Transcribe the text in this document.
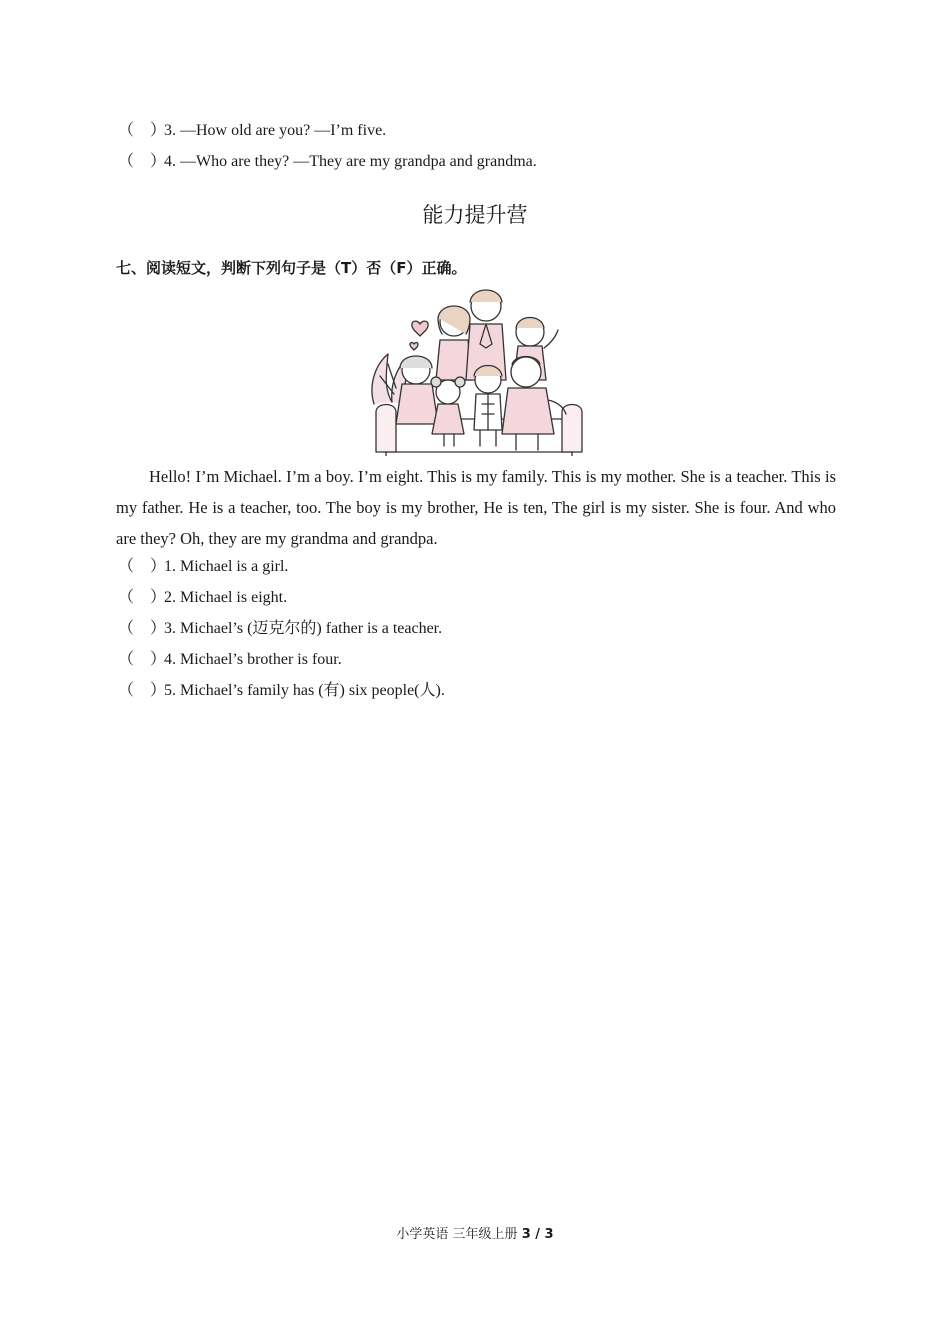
（　）3. —How old are you? —I’m five.
（　）4. —Who are they? —They are my grandpa and grandma.
能力提升营
七、阅读短文，判断下列句子是（T）否（F）正确。
Hello! I’m Michael. I’m a boy. I’m eight. This is my family. This is my mother. She is a teacher. This is my father. He is a teacher, too. The boy is my brother, He is ten, The girl is my sister. She is four. And who are they? Oh, they are my grandma and grandpa.
（　）1. Michael is a girl.
（　）2. Michael is eight.
（　）3. Michael’s (迈克尔的) father is a teacher.
（　）4. Michael’s brother is four.
（　）5. Michael’s family has (有) six people(人).
小学英语 三年级上册 3 / 3
